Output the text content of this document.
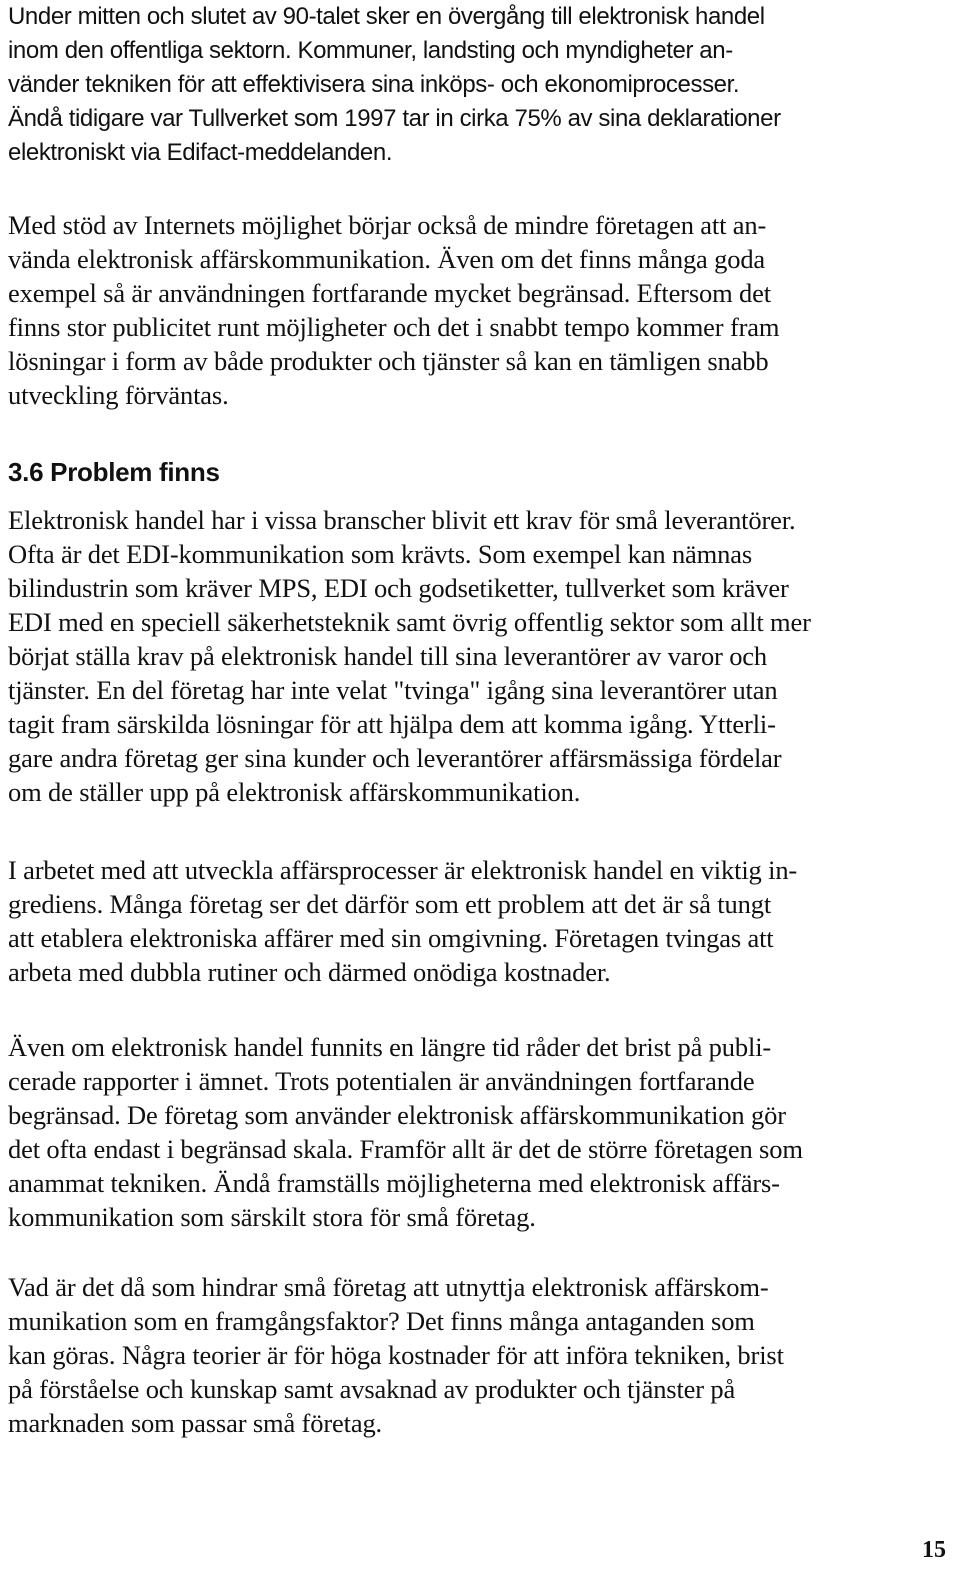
Under mitten och slutet av 90-talet sker en övergång till elektronisk handel
inom den offentliga sektorn. Kommuner, landsting och myndigheter an-
vänder tekniken för att effektivisera sina inköps- och ekonomiprocesser.
Ändå tidigare var Tullverket som 1997 tar in cirka 75% av sina deklarationer
elektroniskt via Edifact-meddelanden.
Med stöd av Internets möjlighet börjar också de mindre företagen att an-
vända elektronisk affärskommunikation. Även om det finns många goda
exempel så är användningen fortfarande mycket begränsad. Eftersom det
finns stor publicitet runt möjligheter och det i snabbt tempo kommer fram
lösningar i form av både produkter och tjänster så kan en tämligen snabb
utveckling förväntas.
3.6 Problem finns
Elektronisk handel har i vissa branscher blivit ett krav för små leverantörer.
Ofta är det EDI-kommunikation som krävts. Som exempel kan nämnas
bilindustrin som kräver MPS, EDI och godsetiketter, tullverket som kräver
EDI med en speciell säkerhetsteknik samt övrig offentlig sektor som allt mer
börjat ställa krav på elektronisk handel till sina leverantörer av varor och
tjänster. En del företag har inte velat "tvinga" igång sina leverantörer utan
tagit fram särskilda lösningar för att hjälpa dem att komma igång. Ytterli-
gare andra företag ger sina kunder och leverantörer affärsmässiga fördelar
om de ställer upp på elektronisk affärskommunikation.
I arbetet med att utveckla affärsprocesser är elektronisk handel en viktig in-
grediens. Många företag ser det därför som ett problem att det är så tungt
att etablera elektroniska affärer med sin omgivning. Företagen tvingas att
arbeta med dubbla rutiner och därmed onödiga kostnader.
Även om elektronisk handel funnits en längre tid råder det brist på publi-
cerade rapporter i ämnet. Trots potentialen är användningen fortfarande
begränsad. De företag som använder elektronisk affärskommunikation gör
det ofta endast i begränsad skala. Framför allt är det de större företagen som
anammat tekniken. Ändå framställs möjligheterna med elektronisk affärs-
kommunikation som särskilt stora för små företag.
Vad är det då som hindrar små företag att utnyttja elektronisk affärskom-
munikation som en framgångsfaktor? Det finns många antaganden som
kan göras. Några teorier är för höga kostnader för att införa tekniken, brist
på förståelse och kunskap samt avsaknad av produkter och tjänster på
marknaden som passar små företag.
15
